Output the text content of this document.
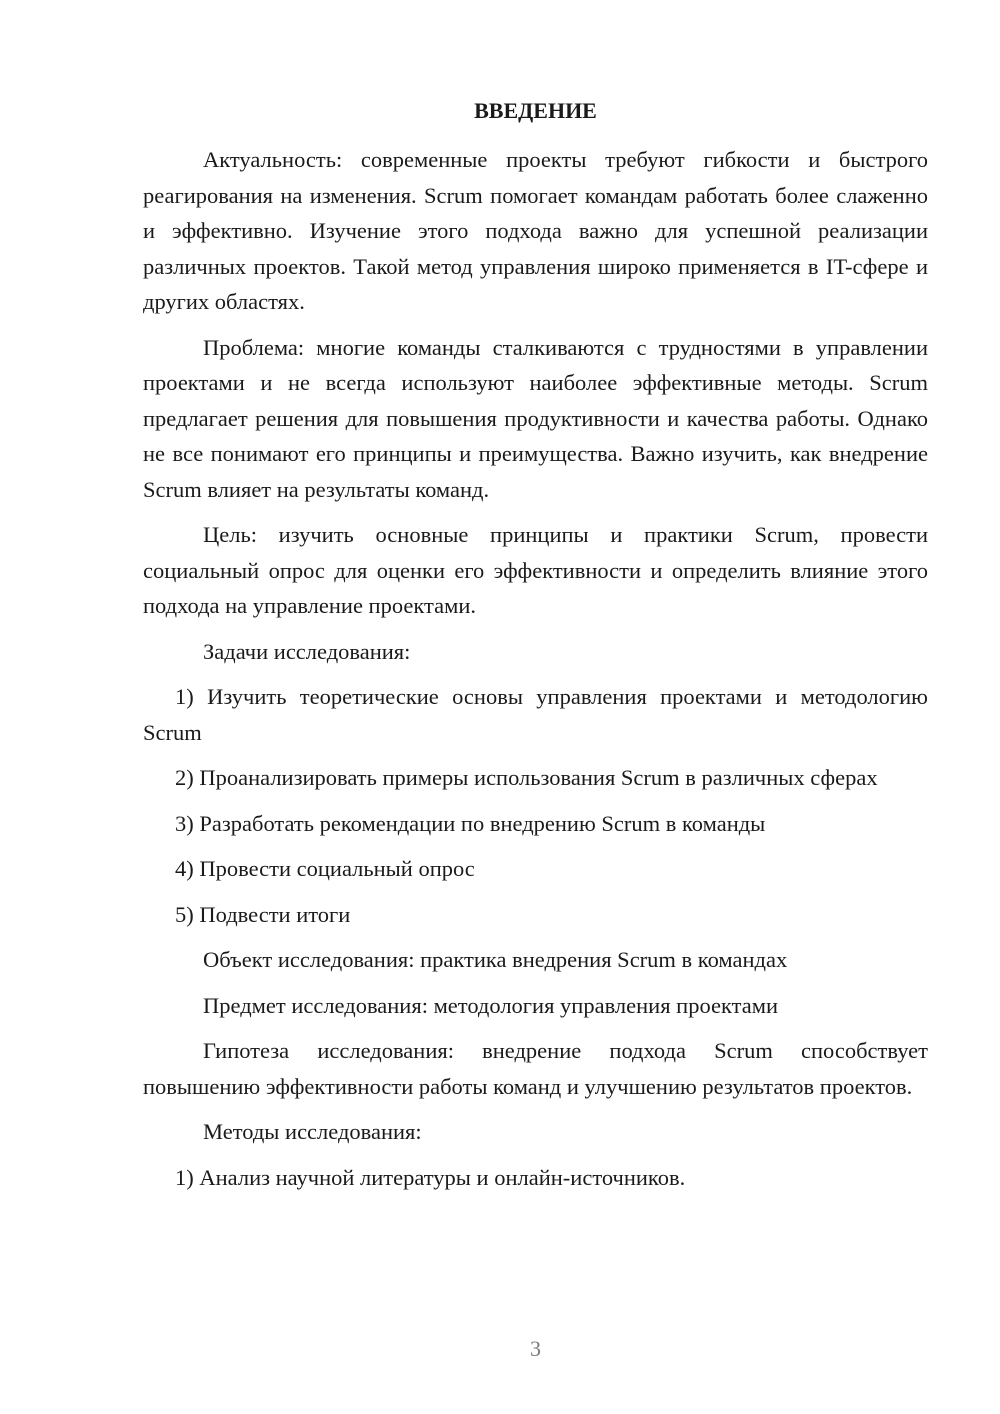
ВВЕДЕНИЕ

Актуальность: современные проекты требуют гибкости и быстрого реагирования на изменения. Scrum помогает командам работать более слаженно и эффективно. Изучение этого подхода важно для успешной реализации различных проектов. Такой метод управления широко применяется в IT-сфере и других областях.

Проблема: многие команды сталкиваются с трудностями в управлении проектами и не всегда используют наиболее эффективные методы. Scrum предлагает решения для повышения продуктивности и качества работы. Однако не все понимают его принципы и преимущества. Важно изучить, как внедрение Scrum влияет на результаты команд.

Цель: изучить основные принципы и практики Scrum, провести социальный опрос для оценки его эффективности и определить влияние этого подхода на управление проектами.

Задачи исследования:

1) Изучить теоретические основы управления проектами и методологию Scrum

2) Проанализировать примеры использования Scrum в различных сферах

3) Разработать рекомендации по внедрению Scrum в команды

4) Провести социальный опрос

5) Подвести итоги

Объект исследования: практика внедрения Scrum в командах

Предмет исследования: методология управления проектами

Гипотеза исследования: внедрение подхода Scrum способствует повышению эффективности работы команд и улучшению результатов проектов.

Методы исследования:

1) Анализ научной литературы и онлайн-источников.

3
